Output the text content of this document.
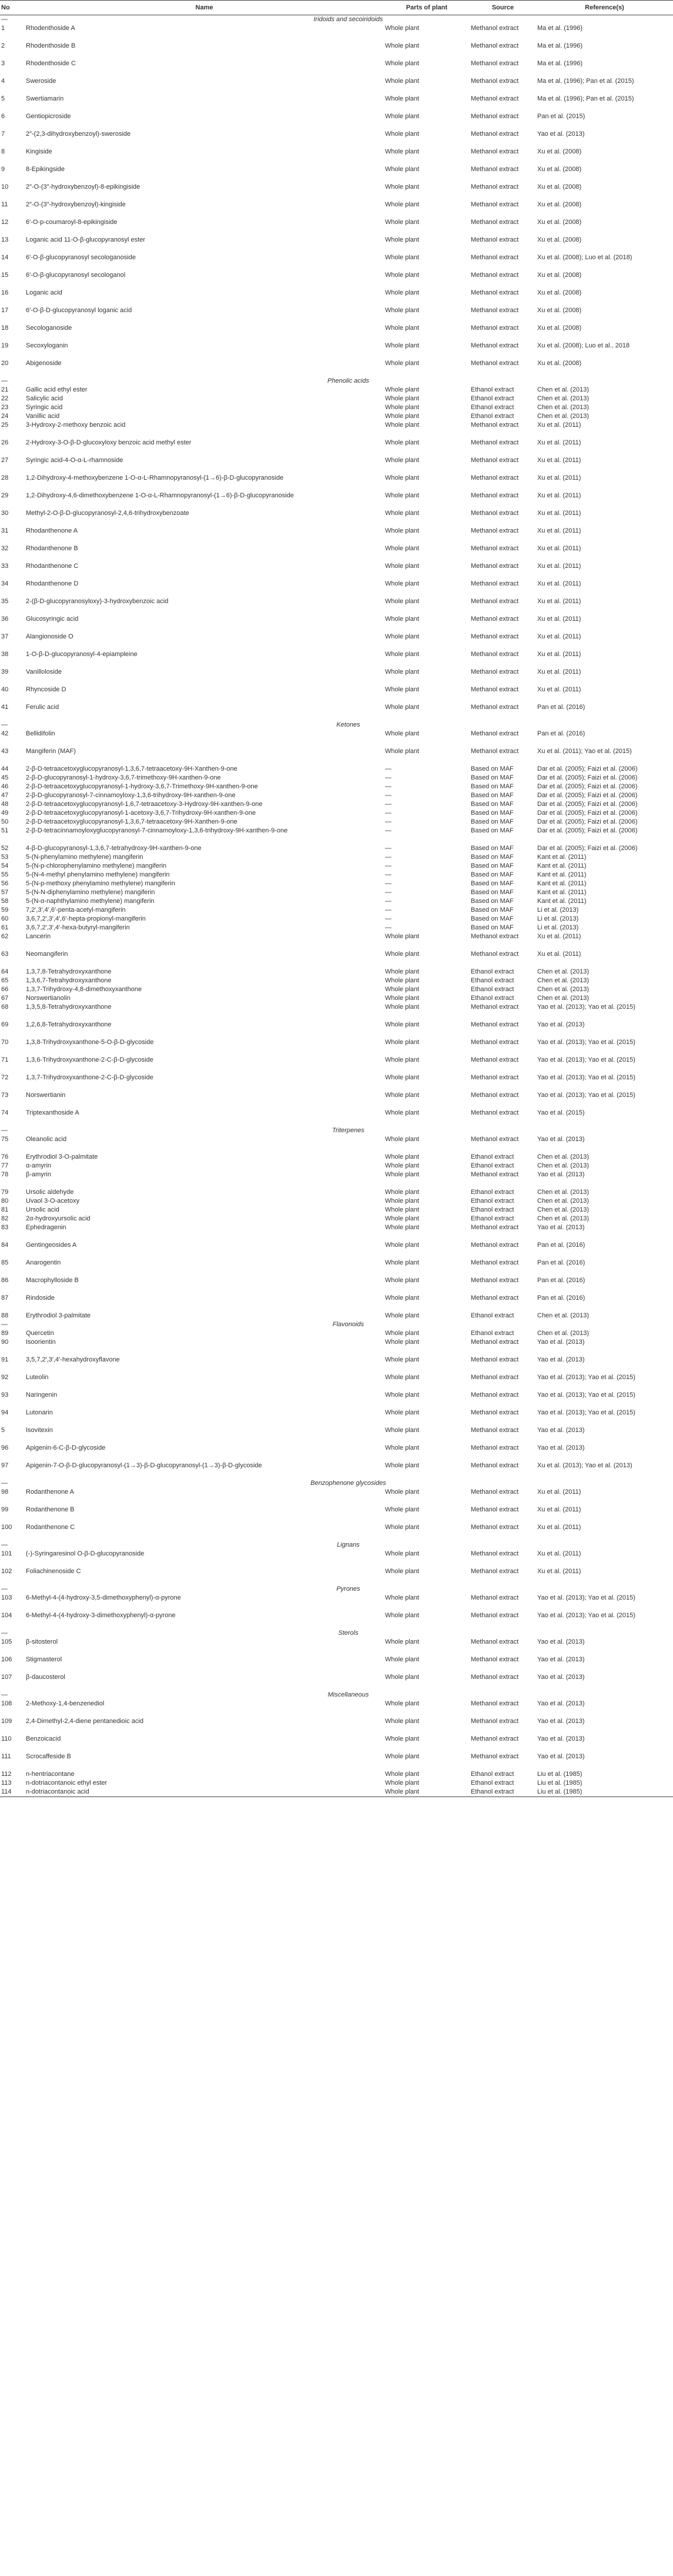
No	Name	Parts of plant	Source	Reference(s)
—	Iridoids and secoiridoids			
1	Rhodenthoside A	Whole plant	Methanol extract	Ma et al. (1996)
2	Rhodenthoside B	Whole plant	Methanol extract	Ma et al. (1996)
3	Rhodenthoside C	Whole plant	Methanol extract	Ma et al. (1996)
4	Sweroside	Whole plant	Methanol extract	Ma et al. (1996); Pan et al. (2015)
5	Swertiamarin	Whole plant	Methanol extract	Ma et al. (1996); Pan et al. (2015)
6	Gentiopicroside	Whole plant	Methanol extract	Pan et al. (2015)
7	2″-(2,3-dihydroxybenzoyl)-sweroside	Whole plant	Methanol extract	Yao et al. (2013)
8	Kingiside	Whole plant	Methanol extract	Xu et al. (2008)
9	8-Epikingside	Whole plant	Methanol extract	Xu et al. (2008)
10	2″-O-(3″-hydroxybenzoyl)-8-epikingiside	Whole plant	Methanol extract	Xu et al. (2008)
11	2″-O-(3″-hydroxybenzoyl)-kingiside	Whole plant	Methanol extract	Xu et al. (2008)
12	6′-O-p-coumaroyl-8-epikingiside	Whole plant	Methanol extract	Xu et al. (2008)
13	Loganic acid 11-O-β-glucopyranosyl ester	Whole plant	Methanol extract	Xu et al. (2008)
14	6′-O-β-glucopyranosyl secologanoside	Whole plant	Methanol extract	Xu et al. (2008); Luo et al. (2018)
15	6′-O-β-glucopyranosyl secologanol	Whole plant	Methanol extract	Xu et al. (2008)
16	Loganic acid	Whole plant	Methanol extract	Xu et al. (2008)
17	6′-O-β-D-glucopyranosyl loganic acid	Whole plant	Methanol extract	Xu et al. (2008)
18	Secologanoside	Whole plant	Methanol extract	Xu et al. (2008)
19	Secoxyloganin	Whole plant	Methanol extract	Xu et al. (2008); Luo et al., 2018
20	Abigenoside	Whole plant	Methanol extract	Xu et al. (2008)
—	Phenolic acids			
21	Gallic acid ethyl ester	Whole plant	Ethanol extract	Chen et al. (2013)
22	Salicylic acid	Whole plant	Ethanol extract	Chen et al. (2013)
23	Syringic acid	Whole plant	Ethanol extract	Chen et al. (2013)
24	Vanillic acid	Whole plant	Ethanol extract	Chen et al. (2013)
25	3-Hydroxy-2-methoxy benzoic acid	Whole plant	Methanol extract	Xu et al. (2011)
26	2-Hydroxy-3-O-β-D-glucoxyloxy benzoic acid methyl ester	Whole plant	Methanol extract	Xu et al. (2011)
27	Syringic acid-4-O-α-L-rhamnoside	Whole plant	Methanol extract	Xu et al. (2011)
28	1,2-Dihydroxy-4-methoxybenzene 1-O-α-L-Rhamnopyranosyl-(1→6)-β-D-glucopyranoside	Whole plant	Methanol extract	Xu et al. (2011)
29	1,2-Dihydroxy-4,6-dimethoxybenzene 1-O-α-L-Rhamnopyranosyl-(1→6)-β-D-glucopyranoside	Whole plant	Methanol extract	Xu et al. (2011)
30	Methyl-2-O-β-D-glucopyranosyl-2,4,6-trihydroxybenzoate	Whole plant	Methanol extract	Xu et al. (2011)
31	Rhodanthenone A	Whole plant	Methanol extract	Xu et al. (2011)
32	Rhodanthenone B	Whole plant	Methanol extract	Xu et al. (2011)
33	Rhodanthenone C	Whole plant	Methanol extract	Xu et al. (2011)
34	Rhodanthenone D	Whole plant	Methanol extract	Xu et al. (2011)
35	2-(β-D-glucopyranosyloxy)-3-hydroxybenzoic acid	Whole plant	Methanol extract	Xu et al. (2011)
36	Glucosyringic acid	Whole plant	Methanol extract	Xu et al. (2011)
37	Alangionoside O	Whole plant	Methanol extract	Xu et al. (2011)
38	1-O-β-D-glucopyranosyl-4-epiampleine	Whole plant	Methanol extract	Xu et al. (2011)
39	Vanilloloside	Whole plant	Methanol extract	Xu et al. (2011)
40	Rhyncoside D	Whole plant	Methanol extract	Xu et al. (2011)
41	Ferulic acid	Whole plant	Methanol extract	Pan et al. (2016)
—	Ketones			
42	Bellidifolin	Whole plant	Methanol extract	Pan et al. (2016)
43	Mangiferin (MAF)	Whole plant	Methanol extract	Xu et al. (2011); Yao et al. (2015)
44	2-β-D-tetraacetoxyglucopyranosyl-1,3,6,7-tetraacetoxy-9H-Xanthen-9-one	—	Based on MAF	Dar et al. (2005); Faizi et al. (2006)
45	2-β-D-glucopyranosyl-1-hydroxy-3,6,7-trimethoxy-9H-xanthen-9-one	—	Based on MAF	Dar et al. (2005); Faizi et al. (2006)
46	2-β-D-tetraacetoxyglucopyranosyl-1-hydroxy-3,6,7-Trimethoxy-9H-xanthen-9-one	—	Based on MAF	Dar et al. (2005); Faizi et al. (2006)
47	2-β-D-glucopyranosyl-7-cinnamoyloxy-1,3,6-trihydroxy-9H-xanthen-9-one	—	Based on MAF	Dar et al. (2005); Faizi et al. (2006)
48	2-β-D-tetraacetoxyglucopyranosyl-1,6,7-tetraacetoxy-3-Hydroxy-9H-xanthen-9-one	—	Based on MAF	Dar et al. (2005); Faizi et al. (2006)
49	2-β-D-tetraacetoxyglucopyranosyl-1-acetoxy-3,6,7-Trihydroxy-9H-xanthen-9-one	—	Based on MAF	Dar et al. (2005); Faizi et al. (2006)
50	2-β-D-tetraacetoxyglucopyranosyl-1,3,6,7-tetraacetoxy-9H-Xanthen-9-one	—	Based on MAF	Dar et al. (2005); Faizi et al. (2006)
51	2-β-D-tetracinnamoyloxyglucopyranosyl-7-cinnamoyloxy-1,3,6-trihydroxy-9H-xanthen-9-one	—	Based on MAF	Dar et al. (2005); Faizi et al. (2006)
52	4-β-D-glucopyranosyl-1,3,6,7-tetrahydroxy-9H-xanthen-9-one	—	Based on MAF	Dar et al. (2005); Faizi et al. (2006)
53	5-(N-phenylamino methylene) mangiferin	—	Based on MAF	Kant et al. (2011)
54	5-(N-p-chlorophenylamino methylene) mangiferin	—	Based on MAF	Kant et al. (2011)
55	5-(N-4-methyl phenylamino methylene) mangiferin	—	Based on MAF	Kant et al. (2011)
56	5-(N-p-methoxy phenylamino methylene) mangiferin	—	Based on MAF	Kant et al. (2011)
57	5-(N-N-diphenylamino methylene) mangiferin	—	Based on MAF	Kant et al. (2011)
58	5-(N-α-naphthylamino methylene) mangiferin	—	Based on MAF	Kant et al. (2011)
59	7,2′,3′,4′,6′-penta-acetyl-mangiferin	—	Based on MAF	Li et al. (2013)
60	3,6,7,2′,3′,4′,6′-hepta-propionyl-mangiferin	—	Based on MAF	Li et al. (2013)
61	3,6,7,2′,3′,4′-hexa-butyryl-mangiferin	—	Based on MAF	Li et al. (2013)
62	Lancerin	Whole plant	Methanol extract	Xu et al. (2011)
63	Neomangiferin	Whole plant	Methanol extract	Xu et al. (2011)
64	1,3,7,8-Tetrahydroxyxanthone	Whole plant	Ethanol extract	Chen et al. (2013)
65	1,3,6,7-Tetrahydroxyxanthone	Whole plant	Ethanol extract	Chen et al. (2013)
66	1,3,7-Trihydroxy-4,8-dimethoxyxanthone	Whole plant	Ethanol extract	Chen et al. (2013)
67	Norswertianolin	Whole plant	Ethanol extract	Chen et al. (2013)
68	1,3,5,8-Tetrahydroxyxanthone	Whole plant	Methanol extract	Yao et al. (2013); Yao et al. (2015)
69	1,2,6,8-Tetrahydroxyxanthone	Whole plant	Methanol extract	Yao et al. (2013)
70	1,3,8-Trihydroxyxanthone-5-O-β-D-glycoside	Whole plant	Methanol extract	Yao et al. (2013); Yao et al. (2015)
71	1,3,6-Trihydroxyxanthone-2-C-β-D-glycoside	Whole plant	Methanol extract	Yao et al. (2013); Yao et al. (2015)
72	1,3,7-Trihydroxyxanthone-2-C-β-D-glycoside	Whole plant	Methanol extract	Yao et al. (2013); Yao et al. (2015)
73	Norswertianin	Whole plant	Methanol extract	Yao et al. (2013); Yao et al. (2015)
74	Triptexanthoside A	Whole plant	Methanol extract	Yao et al. (2015)
—	Triterpenes			
75	Oleanolic acid	Whole plant	Methanol extract	Yao et al. (2013)
76	Erythrodiol 3-O-palmitate	Whole plant	Ethanol extract	Chen et al. (2013)
77	α-amyrin	Whole plant	Ethanol extract	Chen et al. (2013)
78	β-amyrin	Whole plant	Methanol extract	Yao et al. (2013)
79	Ursolic aldehyde	Whole plant	Ethanol extract	Chen et al. (2013)
80	Uvaol 3-O-acetoxy	Whole plant	Ethanol extract	Chen et al. (2013)
81	Ursolic acid	Whole plant	Ethanol extract	Chen et al. (2013)
82	2α-hydroxyursolic acid	Whole plant	Ethanol extract	Chen et al. (2013)
83	Ephedragenin	Whole plant	Methanol extract	Yao et al. (2013)
84	Gentingeosides A	Whole plant	Methanol extract	Pan et al. (2016)
85	Anarogentin	Whole plant	Methanol extract	Pan et al. (2016)
86	Macrophylloside B	Whole plant	Methanol extract	Pan et al. (2016)
87	Rindoside	Whole plant	Methanol extract	Pan et al. (2016)
88	Erythrodiol 3-palmitate	Whole plant	Ethanol extract	Chen et al. (2013)
—	Flavonoids			
89	Quercetin	Whole plant	Ethanol extract	Chen et al. (2013)
90	Isoorientin	Whole plant	Methanol extract	Yao et al. (2013)
91	3,5,7,2′,3′,4′-hexahydroxyflavone	Whole plant	Methanol extract	Yao et al. (2013)
92	Luteolin	Whole plant	Methanol extract	Yao et al. (2013); Yao et al. (2015)
93	Naringenin	Whole plant	Methanol extract	Yao et al. (2013); Yao et al. (2015)
94	Lutonarin	Whole plant	Methanol extract	Yao et al. (2013); Yao et al. (2015)
5	Isovitexin	Whole plant	Methanol extract	Yao et al. (2013)
96	Apigenin-6-C-β-D-glycoside	Whole plant	Methanol extract	Yao et al. (2013)
97	Apigenin-7-O-β-D-glucopyranosyl-(1→3)-β-D-glucopyranosyl-(1→3)-β-D-glycoside	Whole plant	Methanol extract	Xu et al. (2013); Yao et al. (2013)
—	Benzophenone glycosides			
98	Rodanthenone A	Whole plant	Methanol extract	Xu et al. (2011)
99	Rodanthenone B	Whole plant	Methanol extract	Xu et al. (2011)
100	Rodanthenone C	Whole plant	Methanol extract	Xu et al. (2011)
—	Lignans			
101	(-)-Syringaresinol O-β-D-glucopyranoside	Whole plant	Methanol extract	Xu et al. (2011)
102	Foliachinenoside C	Whole plant	Methanol extract	Xu et al. (2011)
—	Pyrones			
103	6-Methyl-4-(4-hydroxy-3,5-dimethoxyphenyl)-α-pyrone	Whole plant	Methanol extract	Yao et al. (2013); Yao et al. (2015)
104	6-Methyl-4-(4-hydroxy-3-dimethoxyphenyl)-α-pyrone	Whole plant	Methanol extract	Yao et al. (2013); Yao et al. (2015)
—	Sterols			
105	β-sitosterol	Whole plant	Methanol extract	Yao et al. (2013)
106	Stigmasterol	Whole plant	Methanol extract	Yao et al. (2013)
107	β-daucosterol	Whole plant	Methanol extract	Yao et al. (2013)
—	Miscellaneous			
108	2-Methoxy-1,4-benzenediol	Whole plant	Methanol extract	Yao et al. (2013)
109	2,4-Dimethyl-2,4-diene pentanedioic acid	Whole plant	Methanol extract	Yao et al. (2013)
110	Benzoicacid	Whole plant	Methanol extract	Yao et al. (2013)
111	Scrocaffeside B	Whole plant	Methanol extract	Yao et al. (2013)
112	n-hentriacontane	Whole plant	Ethanol extract	Liu et al. (1985)
113	n-dotriacontanoic ethyl ester	Whole plant	Ethanol extract	Liu et al. (1985)
114	n-dotriacontanoic acid	Whole plant	Ethanol extract	Liu et al. (1985)
